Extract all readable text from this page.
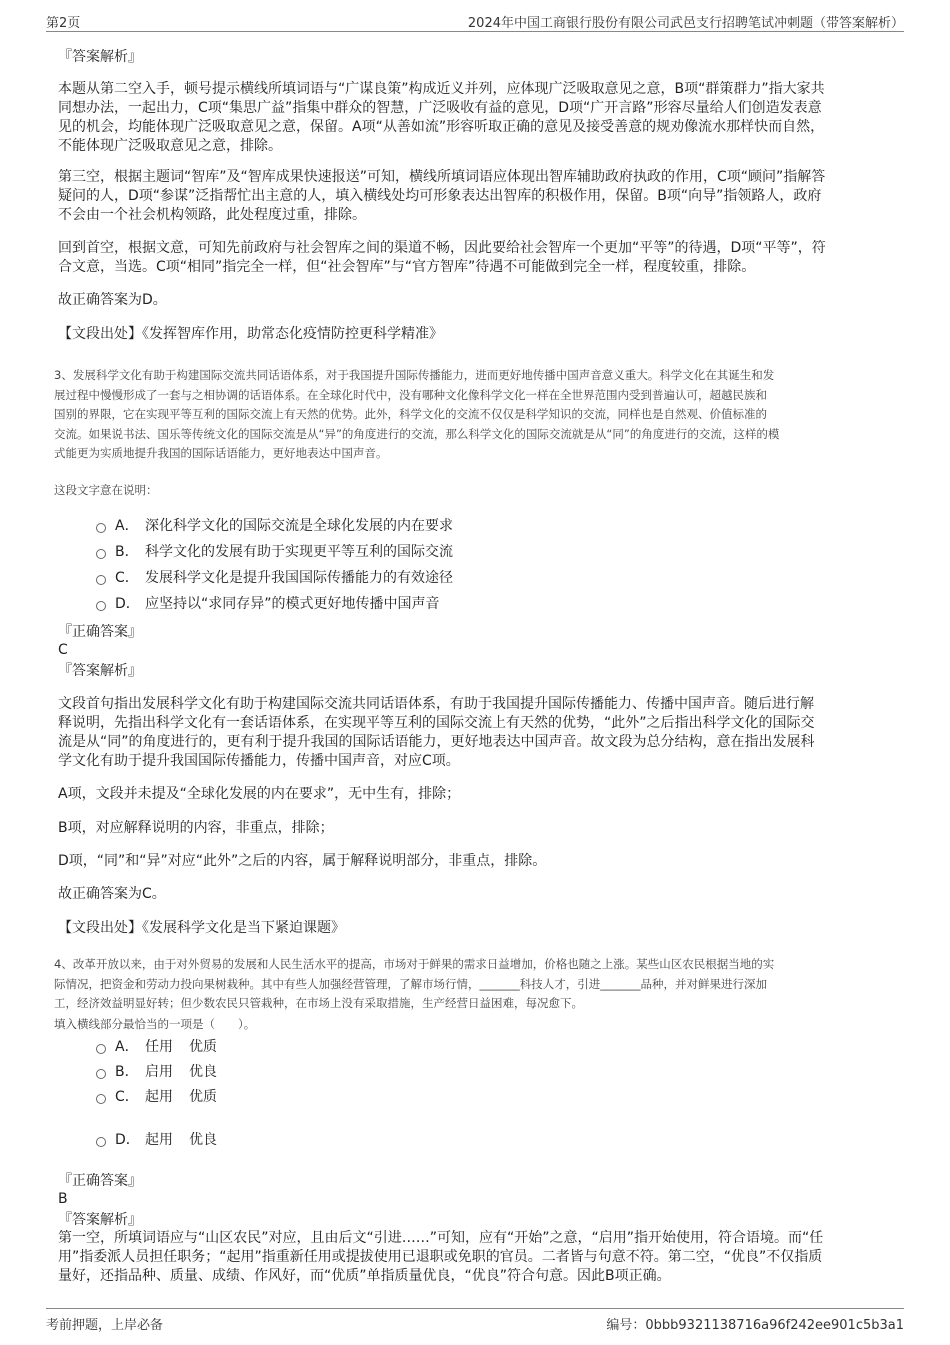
第2页	2024年中国工商银行股份有限公司武邑支行招聘笔试冲刺题（带答案解析）
『答案解析』

本题从第二空入手，顿号提示横线所填词语与“广谋良策”构成近义并列，应体现广泛吸取意见之意，B项“群策群力”指大家共
同想办法，一起出力，C项“集思广益”指集中群众的智慧，广泛吸收有益的意见，D项“广开言路”形容尽量给人们创造发表意
见的机会，均能体现广泛吸取意见之意，保留。A项“从善如流”形容听取正确的意见及接受善意的规劝像流水那样快而自然，
不能体现广泛吸取意见之意，排除。

第三空，根据主题词“智库”及“智库成果快速报送”可知，横线所填词语应体现出智库辅助政府执政的作用，C项“顾问”指解答
疑问的人，D项“参谋”泛指帮忙出主意的人，填入横线处均可形象表达出智库的积极作用，保留。B项“向导”指领路人，政府
不会由一个社会机构领路，此处程度过重，排除。

回到首空，根据文意，可知先前政府与社会智库之间的渠道不畅，因此要给社会智库一个更加“平等”的待遇，D项“平等”，符
合文意，当选。C项“相同”指完全一样，但“社会智库”与“官方智库”待遇不可能做到完全一样，程度较重，排除。

故正确答案为D。
【文段出处】《发挥智库作用，助常态化疫情防控更科学精准》

3、发展科学文化有助于构建国际交流共同话语体系，对于我国提升国际传播能力，进而更好地传播中国声音意义重大。科学文化在其诞生和发
展过程中慢慢形成了一套与之相协调的话语体系。在全球化时代中，没有哪种文化像科学文化一样在全世界范围内受到普遍认可，超越民族和
国别的界限，它在实现平等互利的国际交流上有天然的优势。此外，科学文化的交流不仅仅是科学知识的交流，同样也是自然观、价值标准的
交流。如果说书法、国乐等传统文化的国际交流是从“异”的角度进行的交流，那么科学文化的国际交流就是从“同”的角度进行的交流，这样的模
式能更为实质地提升我国的国际话语能力，更好地表达中国声音。

这段文字意在说明：
A． 深化科学文化的国际交流是全球化发展的内在要求
B． 科学文化的发展有助于实现更平等互利的国际交流
C． 发展科学文化是提升我国国际传播能力的有效途径
D． 应坚持以“求同存异”的模式更好地传播中国声音
『正确答案』
C
『答案解析』

文段首句指出发展科学文化有助于构建国际交流共同话语体系，有助于我国提升国际传播能力、传播中国声音。随后进行解
释说明，先指出科学文化有一套话语体系，在实现平等互利的国际交流上有天然的优势，“此外”之后指出科学文化的国际交
流是从“同”的角度进行的，更有利于提升我国的国际话语能力，更好地表达中国声音。故文段为总分结构，意在指出发展科
学文化有助于提升我国国际传播能力，传播中国声音，对应C项。

A项，文段并未提及“全球化发展的内在要求”，无中生有，排除；
B项，对应解释说明的内容，非重点，排除；
D项，“同”和“异”对应“此外”之后的内容，属于解释说明部分，非重点，排除。
故正确答案为C。
【文段出处】《发展科学文化是当下紧迫课题》

4、改革开放以来，由于对外贸易的发展和人民生活水平的提高，市场对于鲜果的需求日益增加，价格也随之上涨。某些山区农民根据当地的实
际情况，把资金和劳动力投向果树栽种。其中有些人加强经营管理，了解市场行情，_______科技人才，引进_______品种，并对鲜果进行深加
工，经济效益明显好转；但少数农民只管栽种，在市场上没有采取措施，生产经营日益困难，每况愈下。

填入横线部分最恰当的一项是（　　）。
A． 任用	优质
B． 启用	优良
C． 起用	优质
D． 起用	优良
『正确答案』
B
『答案解析』

第一空，所填词语应与“山区农民”对应，且由后文“引进……”可知，应有“开始”之意，“启用”指开始使用，符合语境。而“任
用”指委派人员担任职务；“起用”指重新任用或提拔使用已退职或免职的官员。二者皆与句意不符。第二空，“优良”不仅指质
量好，还指品种、质量、成绩、作风好，而“优质”单指质量优良，“优良”符合句意。因此B项正确。

考前押题，上岸必备	编号：0bbb9321138716a96f242ee901c5b3a1
